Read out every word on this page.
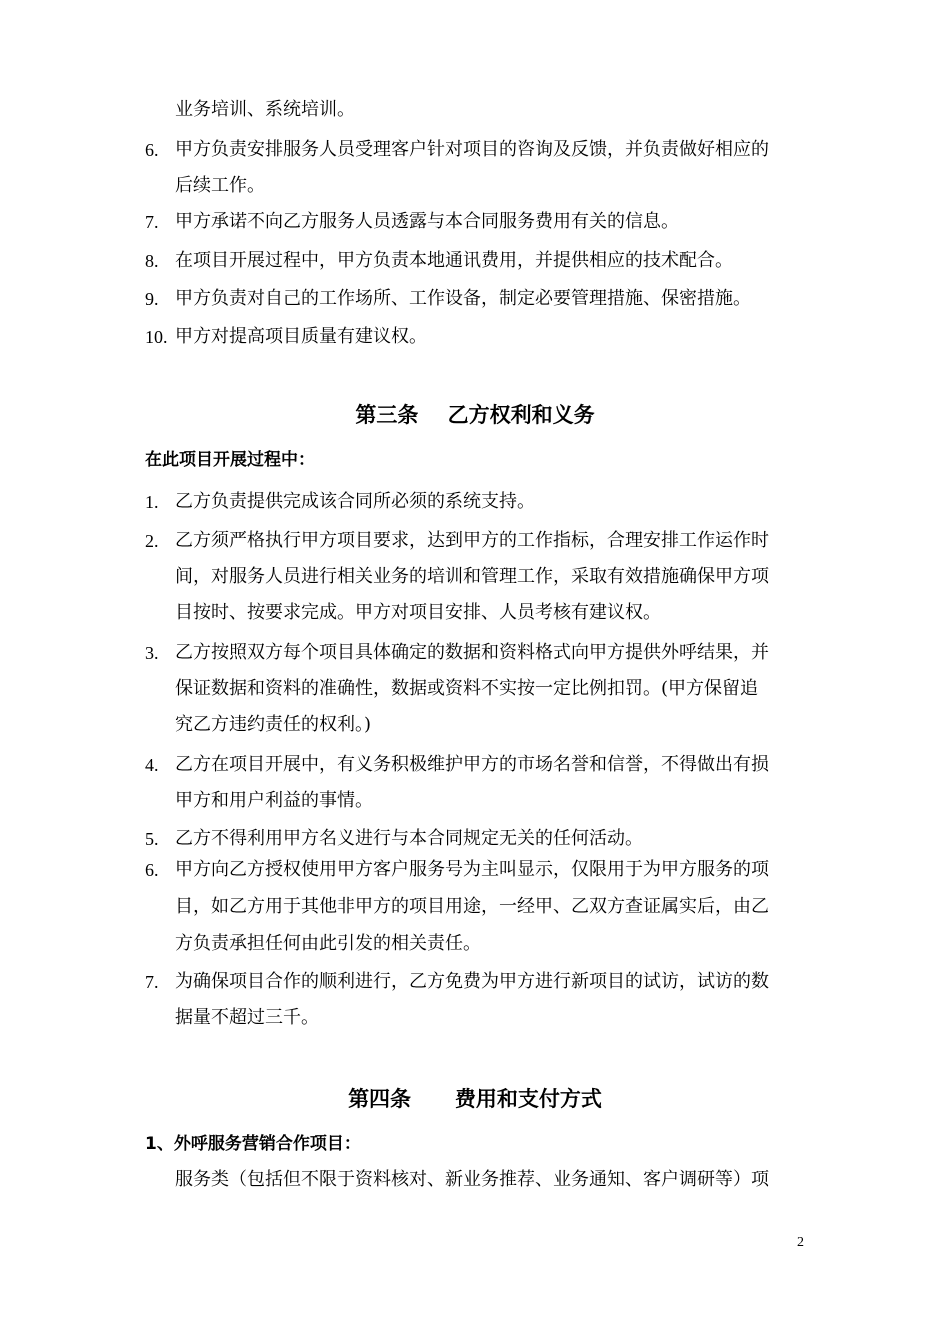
业务培训、系统培训。
6. 甲方负责安排服务人员受理客户针对项目的咨询及反馈，并负责做好相应的
后续工作。
7. 甲方承诺不向乙方服务人员透露与本合同服务费用有关的信息。
8. 在项目开展过程中，甲方负责本地通讯费用，并提供相应的技术配合。
9. 甲方负责对自己的工作场所、工作设备，制定必要管理措施、保密措施。
10. 甲方对提高项目质量有建议权。
第三条    乙方权利和义务
在此项目开展过程中：
1. 乙方负责提供完成该合同所必须的系统支持。
2. 乙方须严格执行甲方项目要求，达到甲方的工作指标，合理安排工作运作时
间，对服务人员进行相关业务的培训和管理工作，采取有效措施确保甲方项
目按时、按要求完成。甲方对项目安排、人员考核有建议权。
3. 乙方按照双方每个项目具体确定的数据和资料格式向甲方提供外呼结果，并
保证数据和资料的准确性，数据或资料不实按一定比例扣罚。(甲方保留追
究乙方违约责任的权利。)
4. 乙方在项目开展中，有义务积极维护甲方的市场名誉和信誉，不得做出有损
甲方和用户利益的事情。
5. 乙方不得利用甲方名义进行与本合同规定无关的任何活动。
6. 甲方向乙方授权使用甲方客户服务号为主叫显示，仅限用于为甲方服务的项
目，如乙方用于其他非甲方的项目用途，一经甲、乙双方查证属实后，由乙
方负责承担任何由此引发的相关责任。
7. 为确保项目合作的顺利进行，乙方免费为甲方进行新项目的试访，试访的数
据量不超过三千。
第四条      费用和支付方式
1、外呼服务营销合作项目：
服务类（包括但不限于资料核对、新业务推荐、业务通知、客户调研等）项
2
